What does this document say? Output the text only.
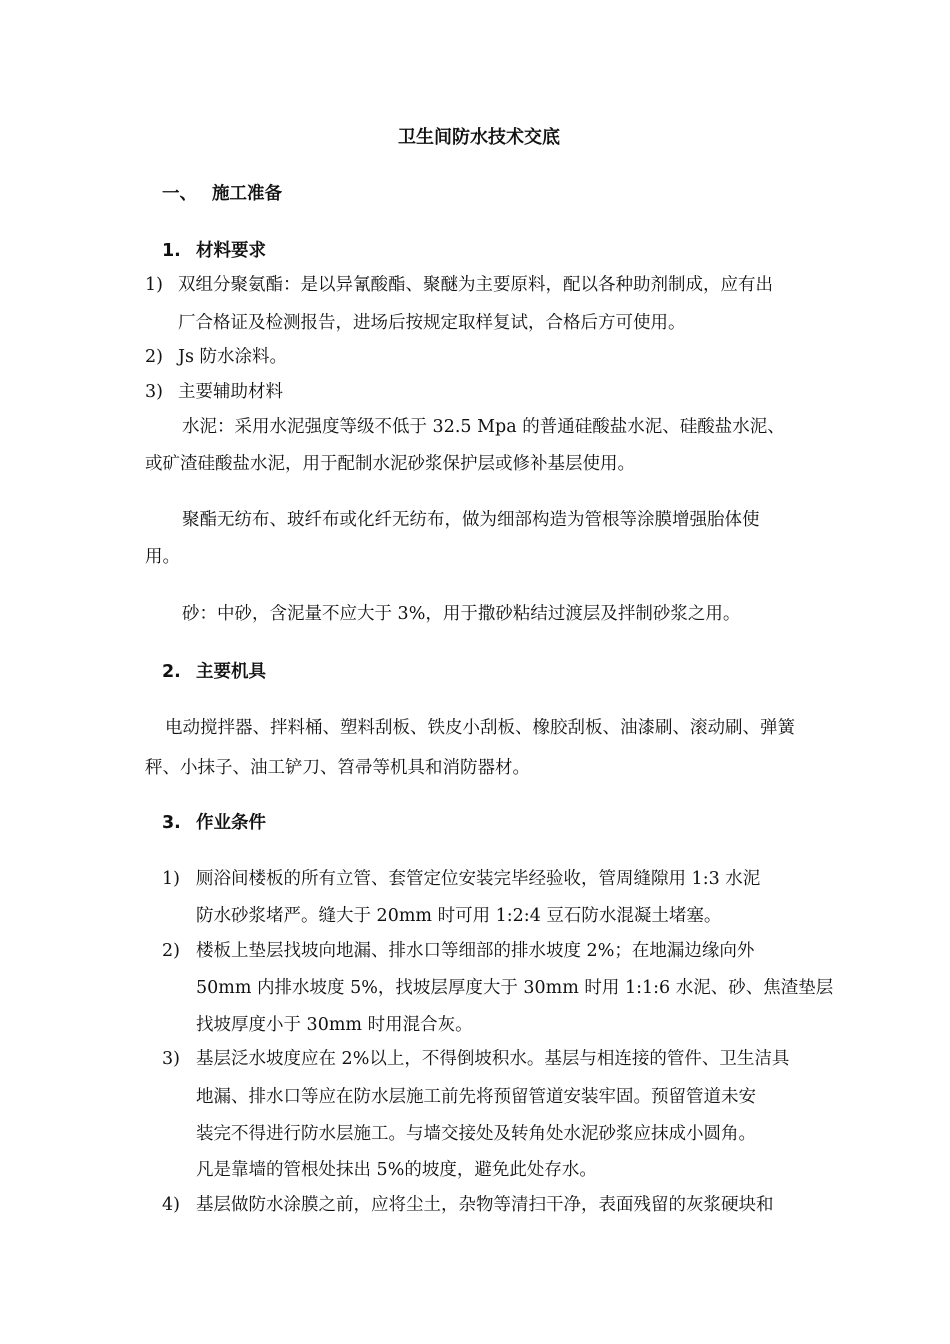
卫生间防水技术交底
一、 施工准备
1. 材料要求
1) 双组分聚氨酯：是以异氰酸酯、聚醚为主要原料，配以各种助剂制成，应有出
厂合格证及检测报告，进场后按规定取样复试，合格后方可使用。
2) Js 防水涂料。
3) 主要辅助材料
水泥：采用水泥强度等级不低于 32.5 Mpa 的普通硅酸盐水泥、硅酸盐水泥、
或矿渣硅酸盐水泥，用于配制水泥砂浆保护层或修补基层使用。
聚酯无纺布、玻纤布或化纤无纺布，做为细部构造为管根等涂膜增强胎体使
用。
砂：中砂，含泥量不应大于 3%，用于撒砂粘结过渡层及拌制砂浆之用。
2. 主要机具
电动搅拌器、拌料桶、塑料刮板、铁皮小刮板、橡胶刮板、油漆刷、滚动刷、弹簧
秤、小抹子、油工铲刀、笤帚等机具和消防器材。
3. 作业条件
1) 厕浴间楼板的所有立管、套管定位安装完毕经验收，管周缝隙用 1:3 水泥
防水砂浆堵严。缝大于 20mm 时可用 1:2:4 豆石防水混凝土堵塞。
2) 楼板上垫层找坡向地漏、排水口等细部的排水坡度 2%；在地漏边缘向外
50mm 内排水坡度 5%，找坡层厚度大于 30mm 时用 1:1:6 水泥、砂、焦渣垫层
找坡厚度小于 30mm 时用混合灰。
3) 基层泛水坡度应在 2%以上，不得倒坡积水。基层与相连接的管件、卫生洁具
地漏、排水口等应在防水层施工前先将预留管道安装牢固。预留管道未安
装完不得进行防水层施工。与墙交接处及转角处水泥砂浆应抹成小圆角。
凡是靠墙的管根处抹出 5%的坡度，避免此处存水。
4) 基层做防水涂膜之前，应将尘土，杂物等清扫干净，表面残留的灰浆硬块和
